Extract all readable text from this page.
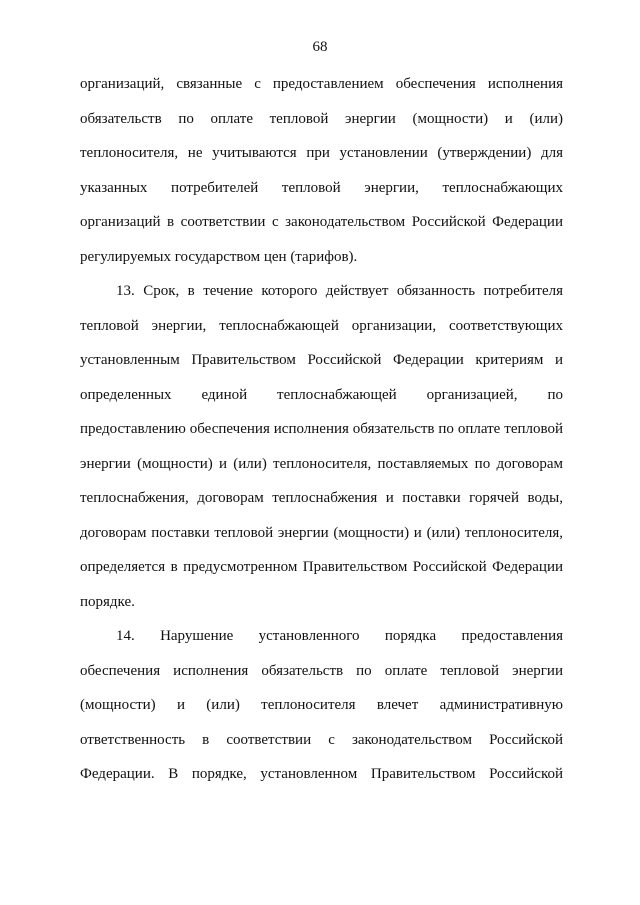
68
организаций, связанные с предоставлением обеспечения исполнения
обязательств по оплате тепловой энергии (мощности) и (или)
теплоносителя, не учитываются при установлении (утверждении) для
указанных потребителей тепловой энергии, теплоснабжающих
организаций в соответствии с законодательством Российской Федерации
регулируемых государством цен (тарифов).
13. Срок, в течение которого действует обязанность потребителя
тепловой энергии, теплоснабжающей организации, соответствующих
установленным Правительством Российской Федерации критериям и
определенных единой теплоснабжающей организацией, по
предоставлению обеспечения исполнения обязательств по оплате тепловой
энергии (мощности) и (или) теплоносителя, поставляемых по договорам
теплоснабжения, договорам теплоснабжения и поставки горячей воды,
договорам поставки тепловой энергии (мощности) и (или) теплоносителя,
определяется в предусмотренном Правительством Российской Федерации
порядке.
14. Нарушение установленного порядка предоставления
обеспечения исполнения обязательств по оплате тепловой энергии
(мощности) и (или) теплоносителя влечет административную
ответственность в соответствии с законодательством Российской
Федерации. В порядке, установленном Правительством Российской
